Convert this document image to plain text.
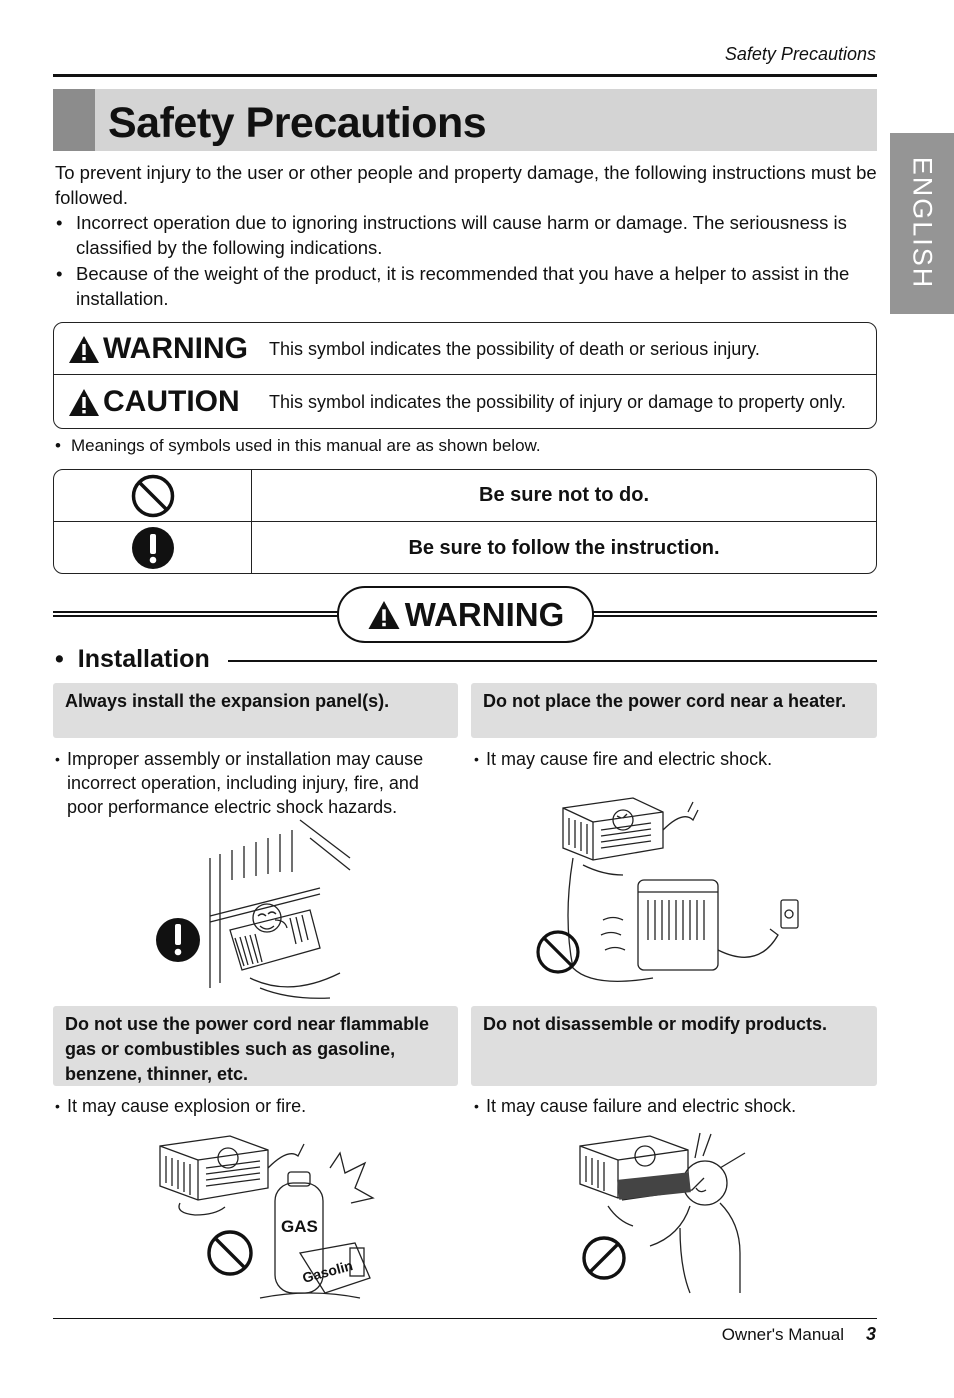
Safety Precautions
Safety Precautions
ENGLISH

To prevent injury to the user or other people and property damage, the following instructions must be followed.

• Incorrect operation due to ignoring instructions will cause harm or damage. The seriousness is classified by the following indications.
• Because of the weight of the product, it is recommended that you have a helper to assist in the installation.
WARNING This symbol indicates the possibility of death or serious injury.
CAUTION This symbol indicates the possibility of injury or damage to property only.
• Meanings of symbols used in this manual are as shown below.
Be sure not to do.
Be sure to follow the instruction.
WARNING
• Installation
Always install the expansion panel(s).
• Improper assembly or installation may cause incorrect operation, including injury, fire, and poor performance electric shock hazards.
Do not place the power cord near a heater.
• It may cause fire and electric shock.
Do not use the power cord near flammable gas or combustibles such as gasoline, benzene, thinner, etc.
• It may cause explosion or fire.
GAS
Gasolin
Do not disassemble or modify products.
• It may cause failure and electric shock.
Owner's Manual 3
